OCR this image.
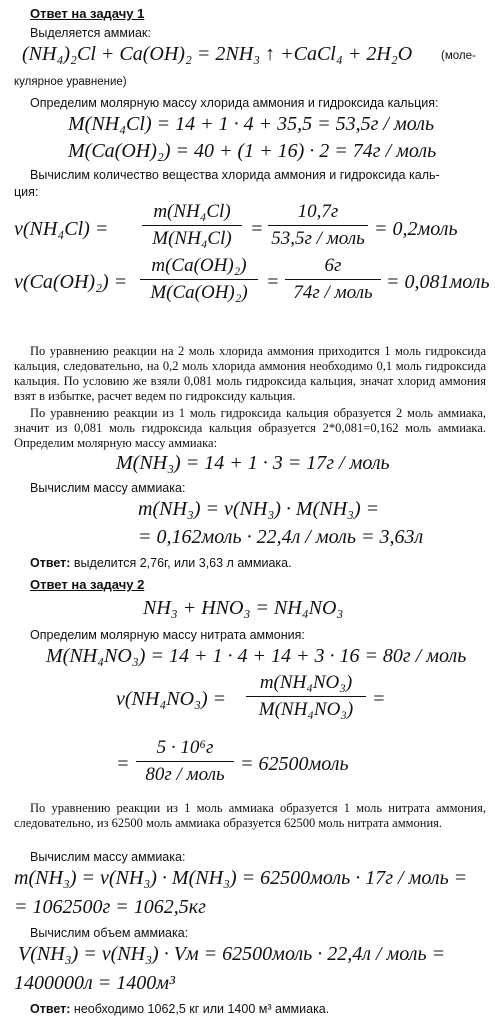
Ответ на задачу 1
Выделяется аммиак:
(NH₄)₂Cl + Ca(OH)₂ = 2NH₃ ↑ +CaCl₄ + 2H₂O	(моле-
кулярное уравнение)
Определим молярную массу хлорида аммония и гидроксида кальция:
M(NH₄Cl) = 14 + 1 · 4 + 35,5 = 53,5г / моль
M(Ca(OH)₂) = 40 + (1 + 16) · 2 = 74г / моль
Вычислим количество вещества хлорида аммония и гидроксида каль-
ция:
$\nu(NH_4Cl) = \frac{\text{m(NH₄Cl)}}{\text{M(NH₄Cl)}}$ =
10,7г
53,5г / моль = 0,2моль
$\nu(Ca(OH)_2) = \frac{\text{m(Ca(OH)₂)}}{\text{M(Ca(OH)₂)}}$ =
6г
74г / моль = 0,081моль
По уравнению реакции на 2 моль хлорида аммония приходится 1 моль гидроксида кальция, следовательно, на 0,2 моль хлорида аммония необходимо 0,1 моль гидроксида кальция. По условию же взяли 0,081 моль гидроксида кальция, значат хлорид аммония взят в избытке, расчет ведем по гидроксиду кальция.
По уравнению реакции из 1 моль гидроксида кальция образуется 2 моль аммиака, значит из 0,081 моль гидроксида кальция образуется 2*0,081=0,162 моль аммиака. Определим молярную массу аммиака:
M(NH₃) = 14 + 1 · 3 = 17г / моль
Вычислим массу аммиака:
m(NH₃) = ν(NH₃) · M(NH₃) =
= 0,162моль · 22,4л / моль = 3,63л
Ответ: выделится 2,76г, или 3,63 л аммиака.
Ответ на задачу 2
NH₃ + HNO₃ = NH₄NO₃
Определим молярную массу нитрата аммония:
M(NH₄NO₃) = 14 + 1 · 4 + 14 + 3 · 16 = 80г / моль
$\nu(NH_4NO_3) = \frac{\text{m(NH₄NO₃)}}{\text{M(NH₄NO₃)}}$ =
=
5 · 10⁶г
80г / моль = 62500моль
По уравнению реакции из 1 моль аммиака образуется 1 моль нитрата аммония, следовательно, из 62500 моль аммиака образуется 62500 моль нитрата аммония.
Вычислим массу аммиака:
m(NH₃) = ν(NH₃) · M(NH₃) = 62500моль · 17г / моль =
= 1062500г = 1062,5кг
Вычислим объем аммиака:
V(NH₃) = ν(NH₃) · Vм = 62500моль · 22,4л / моль =
1400000л = 1400м³
Ответ: необходимо 1062,5 кг или 1400 м³ аммиака.
